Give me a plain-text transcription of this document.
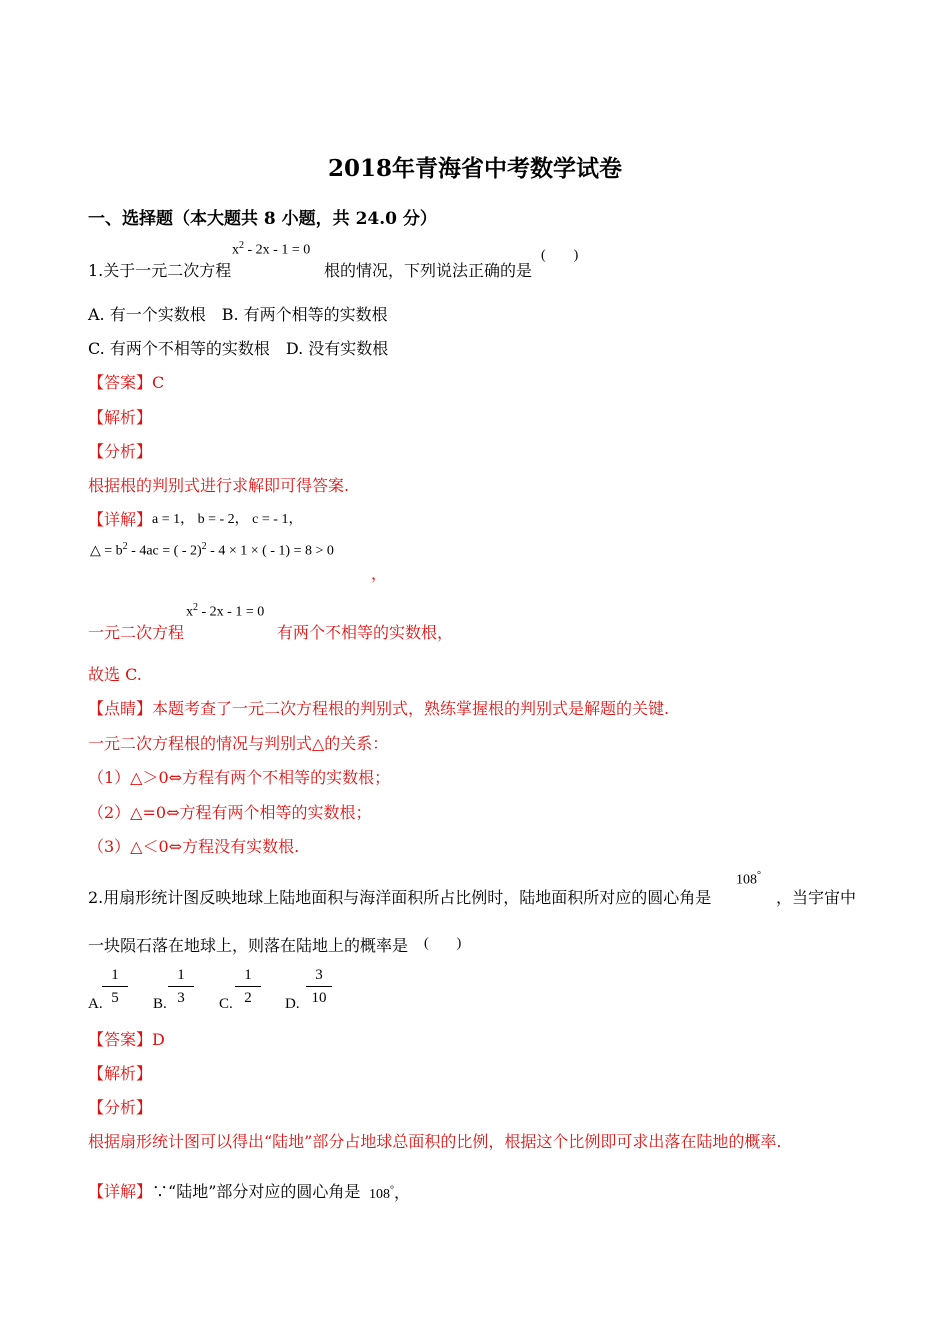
2018年青海省中考数学试卷
一、选择题（本大题共 8 小题，共 24.0 分）
1.关于一元二次方程
$x^2 - 2x - 1 = 0$
根的情况，下列说法正确的是
(　　)
A. 有一个实数根　B. 有两个相等的实数根
C. 有两个不相等的实数根　D. 没有实数根
【答案】C
【解析】
【分析】
根据根的判别式进行求解即可得答案.
【详解】 a = 1， b = - 2， c = - 1，
△ = $b^2 - 4ac$ = ( - 2)$^2$ - 4 × 1 × ( - 1) = 8 > 0
，
一元二次方程
$x^2 - 2x - 1 = 0$
有两个不相等的实数根，
故选 C.
【点睛】本题考查了一元二次方程根的判别式，熟练掌握根的判别式是解题的关键.
一元二次方程根的情况与判别式△的关系：
（1）△＞0⇔方程有两个不相等的实数根；
（2）△=0⇔方程有两个相等的实数根；
（3）△＜0⇔方程没有实数根.
2.用扇形统计图反映地球上陆地面积与海洋面积所占比例时，陆地面积所对应的圆心角是
108°
，当宇宙中
一块陨石落在地球上，则落在陆地上的概率是 (　　)
A.
1
5	B.
1
3	C.
1
2	D.
3
10
【答案】D
【解析】
【分析】
根据扇形统计图可以得出“陆地”部分占地球总面积的比例，根据这个比例即可求出落在陆地的概率.
【详解】∵“陆地”部分对应的圆心角是 108°，
